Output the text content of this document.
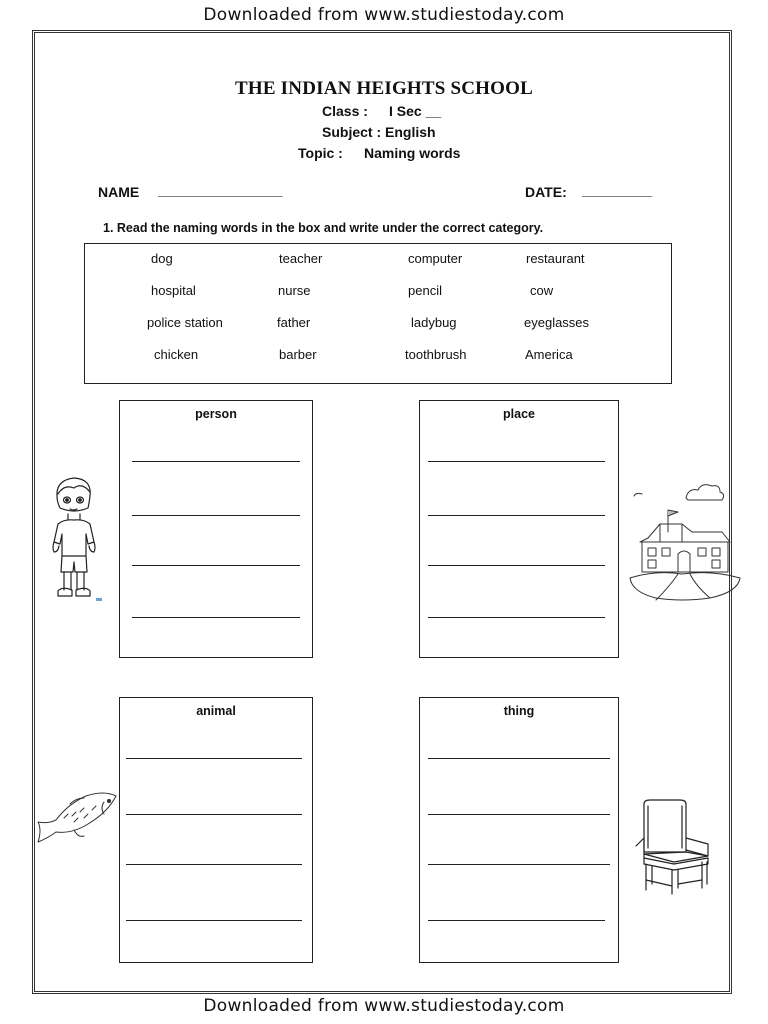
Downloaded from www.studiestoday.com
THE INDIAN HEIGHTS SCHOOL
Class : I Sec __
Subject : English
Topic : Naming words
NAME ________________	DATE: _________
1. Read the naming words in the box and write under the correct category.
dog	teacher	computer	restaurant
hospital	nurse	pencil	cow
police station	father	ladybug	eyeglasses
chicken	barber	toothbrush	America
person	place
animal	thing
Downloaded from www.studiestoday.com
